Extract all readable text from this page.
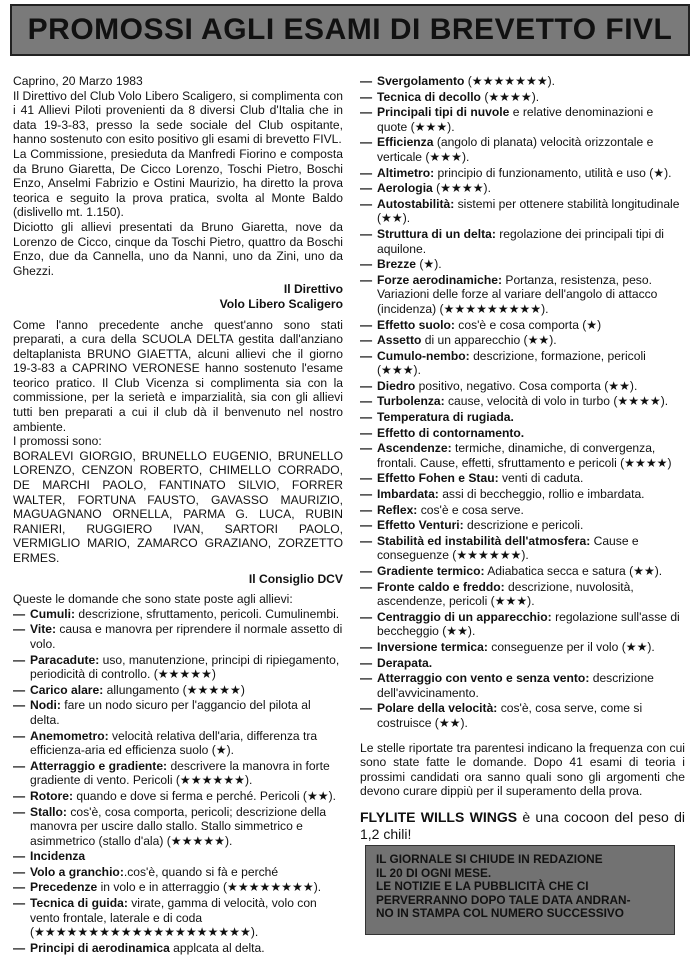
PROMOSSI AGLI ESAMI DI BREVETTO FIVL

Caprino, 20 Marzo 1983

Il Direttivo del Club Volo Libero Scaligero, si complimenta con i 41 Allievi Piloti provenienti da 8 diversi Club d'Italia che in data 19-3-83, presso la sede sociale del Club ospitante, hanno sostenuto con esito positivo gli esami di brevetto FIVL.

La Commissione, presieduta da Manfredi Fiorino e composta da Bruno Giaretta, De Cicco Lorenzo, Toschi Pietro, Boschi Enzo, Anselmi Fabrizio e Ostini Maurizio, ha diretto la prova teorica e seguito la prova pratica, svolta al Monte Baldo (dislivello mt. 1.150).

Diciotto gli allievi presentati da Bruno Giaretta, nove da Lorenzo de Cicco, cinque da Toschi Pietro, quattro da Boschi Enzo, due da Cannella, uno da Nanni, uno da Zini, uno da Ghezzi.

Il Direttivo
Volo Libero Scaligero

Come l'anno precedente anche quest'anno sono stati preparati, a cura della SCUOLA DELTA gestita dall'anziano deltaplanista BRUNO GIAETTA, alcuni allievi che il giorno 19-3-83 a CAPRINO VERONESE hanno sostenuto l'esame teorico pratico. Il Club Vicenza si complimenta sia con la commissione, per la serietà e imparzialità, sia con gli allievi tutti ben preparati a cui il club dà il benvenuto nel nostro ambiente.

I promossi sono:

BORALEVI GIORGIO, BRUNELLO EUGENIO, BRUNELLO LORENZO, CENZON ROBERTO, CHIMELLO CORRADO, DE MARCHI PAOLO, FANTINATO SILVIO, FORRER WALTER, FORTUNA FAUSTO, GAVASSO MAURIZIO, MAGUAGNANO ORNELLA, PARMA G. LUCA, RUBIN RANIERI, RUGGIERO IVAN, SARTORI PAOLO, VERMIGLIO MARIO, ZAMARCO GRAZIANO, ZORZETTO ERMES.

Il Consiglio DCV

Queste le domande che sono state poste agli allievi:

— Cumuli: descrizione, sfruttamento, pericoli. Cumulinembi.
— Vite: causa e manovra per riprendere il normale assetto di volo.
— Paracadute: uso, manutenzione, principi di ripiegamento, periodicità di controllo. (★★★★★)
— Carico alare: allungamento (★★★★★)
— Nodi: fare un nodo sicuro per l'aggancio del pilota al delta.
— Anemometro: velocità relativa dell'aria, differenza tra efficienza-aria ed efficienza suolo (★).
— Atterraggio e gradiente: descrivere la manovra in forte gradiente di vento. Pericoli (★★★★★★).
— Rotore: quando e dove si ferma e perché. Pericoli (★★).
— Stallo: cos'è, cosa comporta, pericoli; descrizione della manovra per uscire dallo stallo. Stallo simmetrico e asimmetrico (stallo d'ala) (★★★★★).
— Incidenza
— Volo a granchio:.cos'è, quando si fà e perché
— Precedenze in volo e in atterraggio (★★★★★★★★).
— Tecnica di guida: virate, gamma di velocità, volo con vento frontale, laterale e di coda (★★★★★★★★★★★★★★★★★★★★).
— Principi di aerodinamica applcata al delta.
— Svergolamento (★★★★★★★).
— Tecnica di decollo (★★★★).
— Principali tipi di nuvole e relative denominazioni e quote (★★★).
— Efficienza (angolo di planata) velocità orizzontale e verticale (★★★).
— Altimetro: principio di funzionamento, utilità e uso (★).
— Aerologia (★★★★).
— Autostabilità: sistemi per ottenere stabilità longitudinale (★★).
— Struttura di un delta: regolazione dei principali tipi di aquilone.
— Brezze (★).
— Forze aerodinamiche: Portanza, resistenza, peso. Variazioni delle forze al variare dell'angolo di attacco (incidenza) (★★★★★★★★★).
— Effetto suolo: cos'è e cosa comporta (★)
— Assetto di un apparecchio (★★).
— Cumulo-nembo: descrizione, formazione, pericoli (★★★).
— Diedro positivo, negativo. Cosa comporta (★★).
— Turbolenza: cause, velocità di volo in turbo (★★★★).
— Temperatura di rugiada.
— Effetto di contornamento.
— Ascendenze: termiche, dinamiche, di convergenza, frontali. Cause, effetti, sfruttamento e pericoli (★★★★)
— Effetto Fohen e Stau: venti di caduta.
— Imbardata: assi di beccheggio, rollio e imbardata.
— Reflex: cos'è e cosa serve.
— Effetto Venturi: descrizione e pericoli.
— Stabilità ed instabilità dell'atmosfera: Cause e conseguenze (★★★★★★).
— Gradiente termico: Adiabatica secca e satura (★★).
— Fronte caldo e freddo: descrizione, nuvolosità, ascendenze, pericoli (★★★).
— Centraggio di un apparecchio: regolazione sull'asse di beccheggio (★★).
— Inversione termica: conseguenze per il volo (★★).
— Derapata.
— Atterraggio con vento e senza vento: descrizione dell'avvicinamento.
— Polare della velocità: cos'è, cosa serve, come si costruisce (★★).

Le stelle riportate tra parentesi indicano la frequenza con cui sono state fatte le domande. Dopo 41 esami di teoria i prossimi candidati ora sanno quali sono gli argomenti che devono curare dippiù per il superamento della prova.

FLYLITE WILLS WINGS è una cocoon del peso di 1,2 chili!

IL GIORNALE SI CHIUDE IN REDAZIONE
IL 20 DI OGNI MESE.
LE NOTIZIE E LA PUBBLICITÀ CHE CI
PERVERRANNO DOPO TALE DATA ANDRAN-
NO IN STAMPA COL NUMERO SUCCESSIVO
